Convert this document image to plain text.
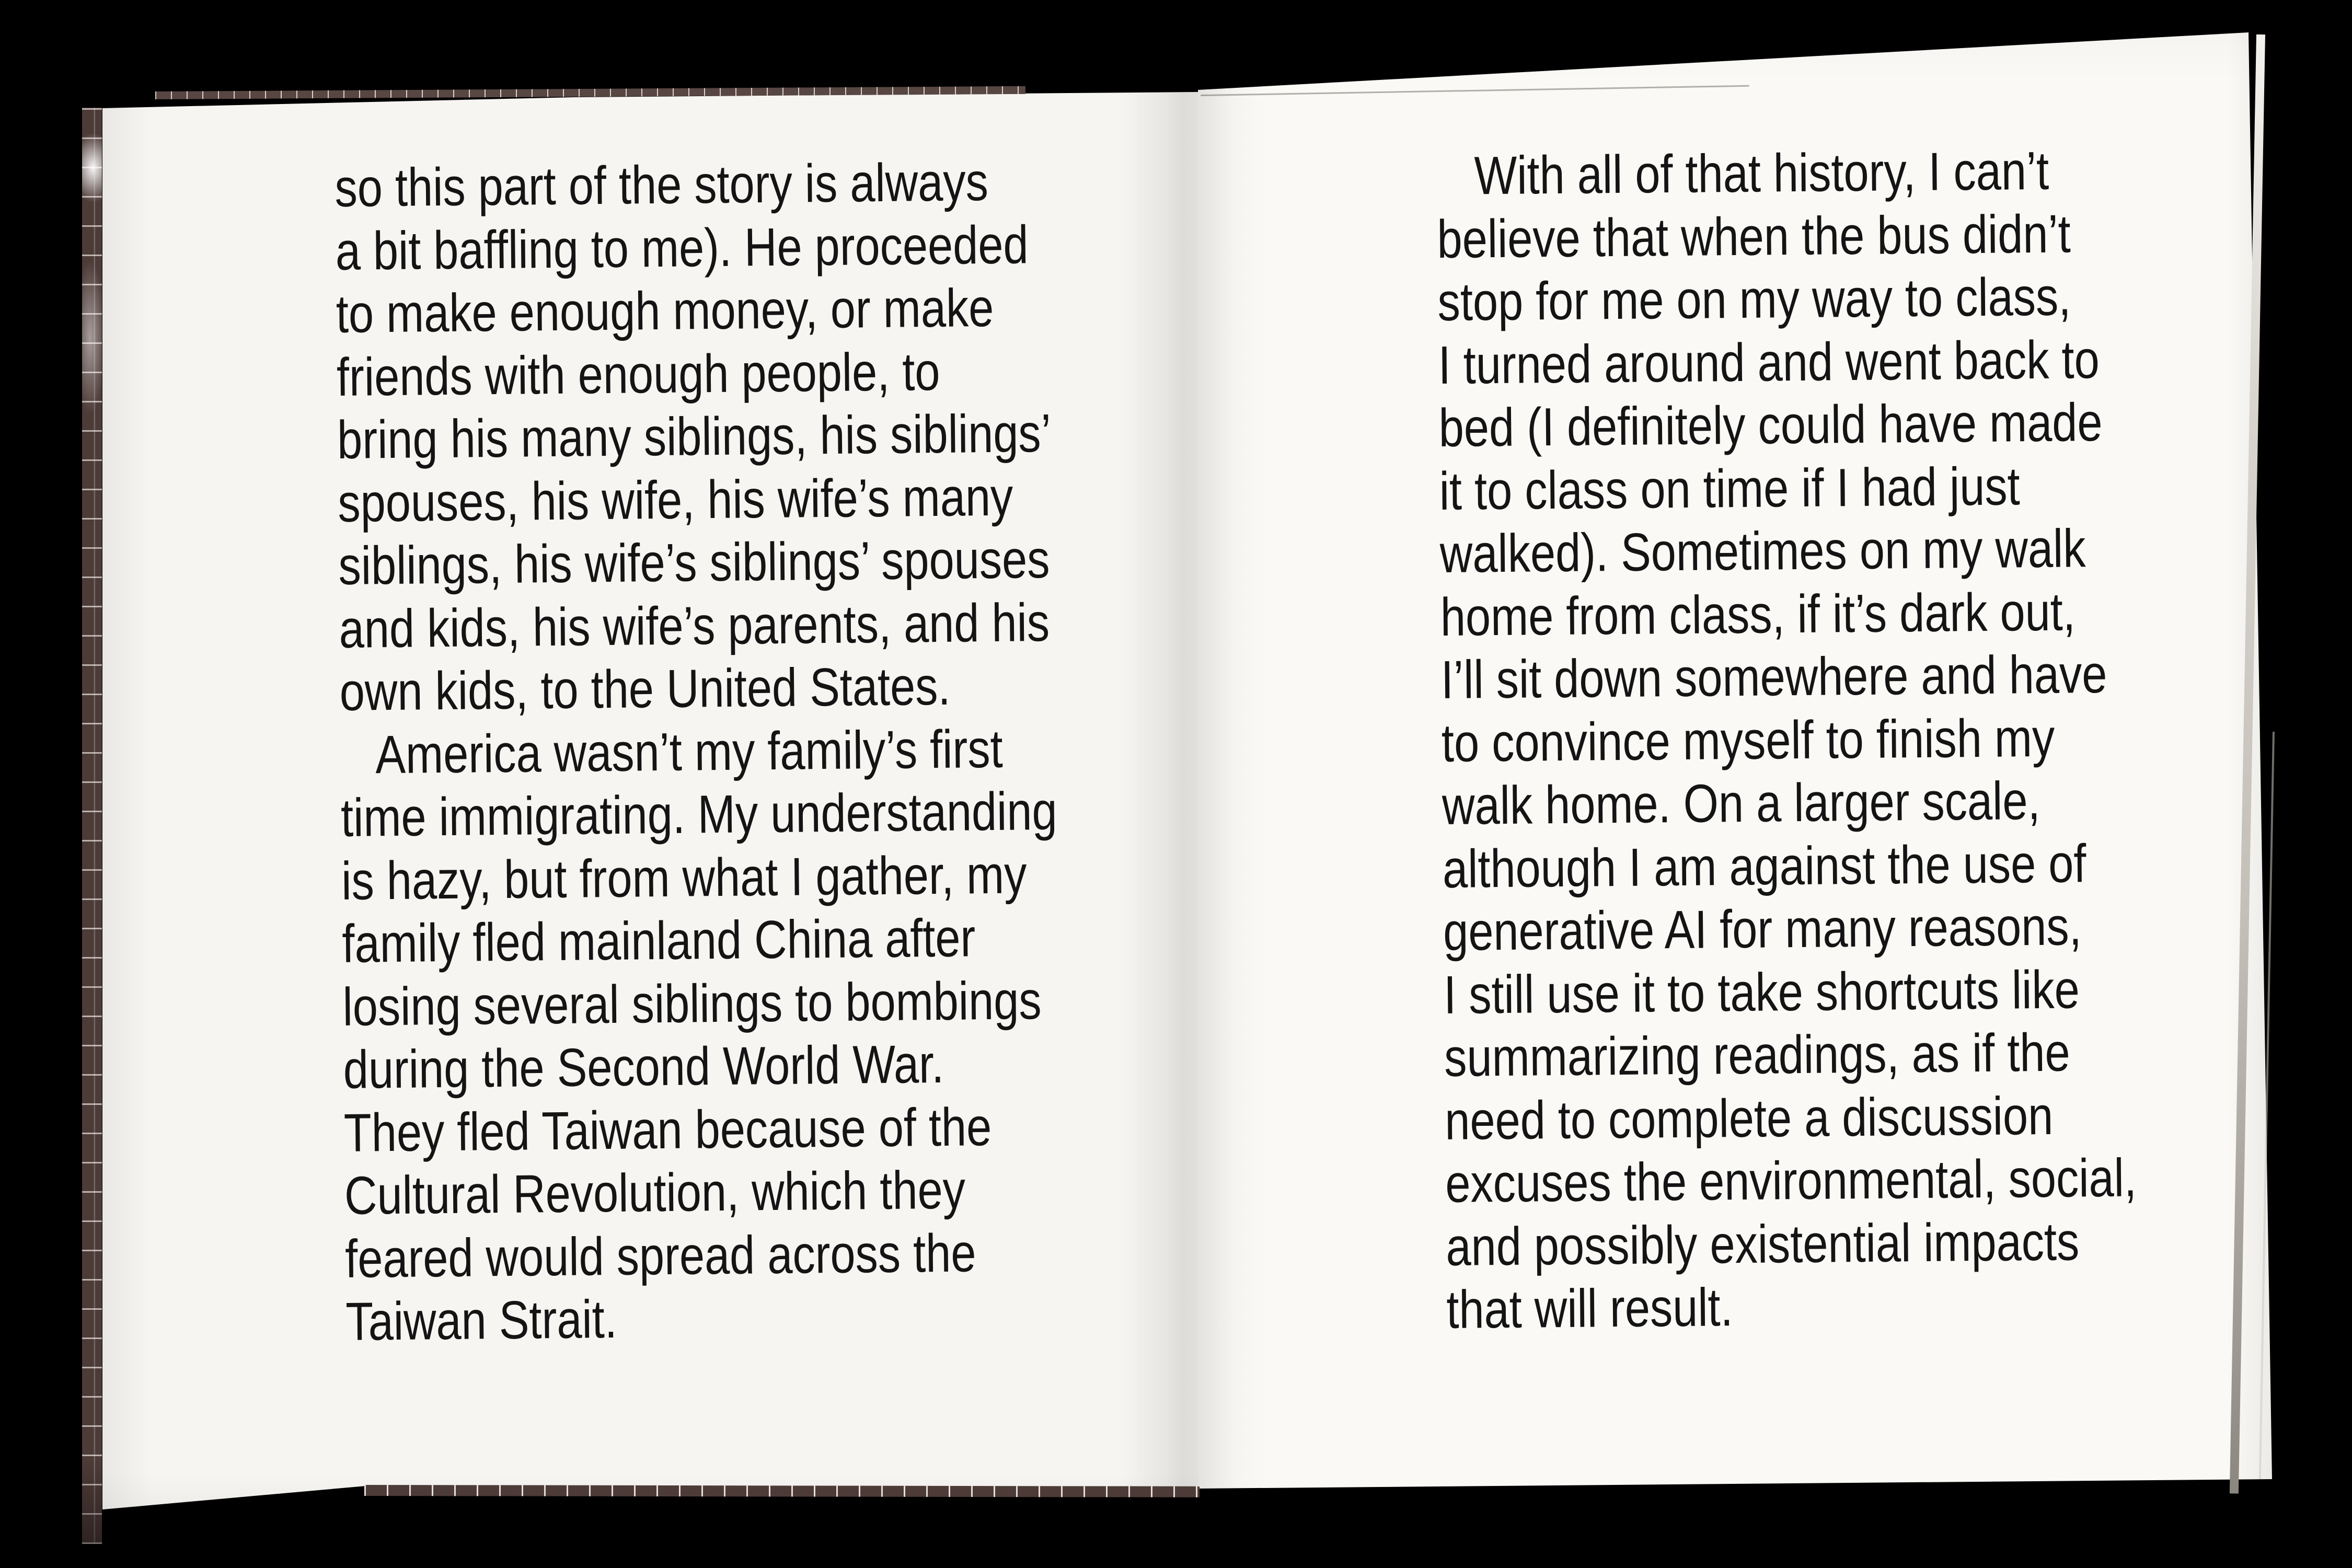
so this part of the story is always
a bit baffling to me). He proceeded
to make enough money, or make
friends with enough people, to
bring his many siblings, his siblings’
spouses, his wife, his wife’s many
siblings, his wife’s siblings’ spouses
and kids, his wife’s parents, and his
own kids, to the United States.
America wasn’t my family’s first
time immigrating. My understanding
is hazy, but from what I gather, my
family fled mainland China after
losing several siblings to bombings
during the Second World War.
They fled Taiwan because of the
Cultural Revolution, which they
feared would spread across the
Taiwan Strait.
With all of that history, I can’t
believe that when the bus didn’t
stop for me on my way to class,
I turned around and went back to
bed (I definitely could have made
it to class on time if I had just
walked). Sometimes on my walk
home from class, if it’s dark out,
I’ll sit down somewhere and have
to convince myself to finish my
walk home. On a larger scale,
although I am against the use of
generative AI for many reasons,
I still use it to take shortcuts like
summarizing readings, as if the
need to complete a discussion
excuses the environmental, social,
and possibly existential impacts
that will result.
